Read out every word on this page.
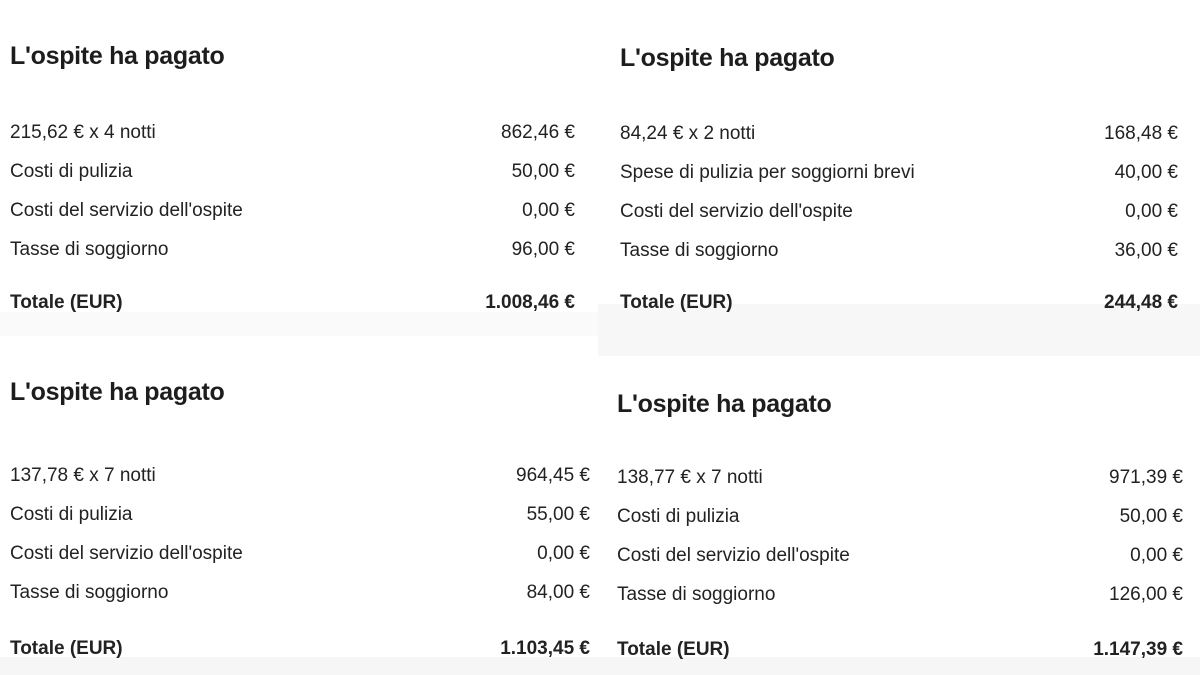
L'ospite ha pagato
215,62 € x 4 notti	862,46 €
Costi di pulizia	50,00 €
Costi del servizio dell'ospite	0,00 €
Tasse di soggiorno	96,00 €
Totale (EUR)	1.008,46 €
L'ospite ha pagato
84,24 € x 2 notti	168,48 €
Spese di pulizia per soggiorni brevi	40,00 €
Costi del servizio dell'ospite	0,00 €
Tasse di soggiorno	36,00 €
Totale (EUR)	244,48 €
L'ospite ha pagato
137,78 € x 7 notti	964,45 €
Costi di pulizia	55,00 €
Costi del servizio dell'ospite	0,00 €
Tasse di soggiorno	84,00 €
Totale (EUR)	1.103,45 €
L'ospite ha pagato
138,77 € x 7 notti	971,39 €
Costi di pulizia	50,00 €
Costi del servizio dell'ospite	0,00 €
Tasse di soggiorno	126,00 €
Totale (EUR)	1.147,39 €
